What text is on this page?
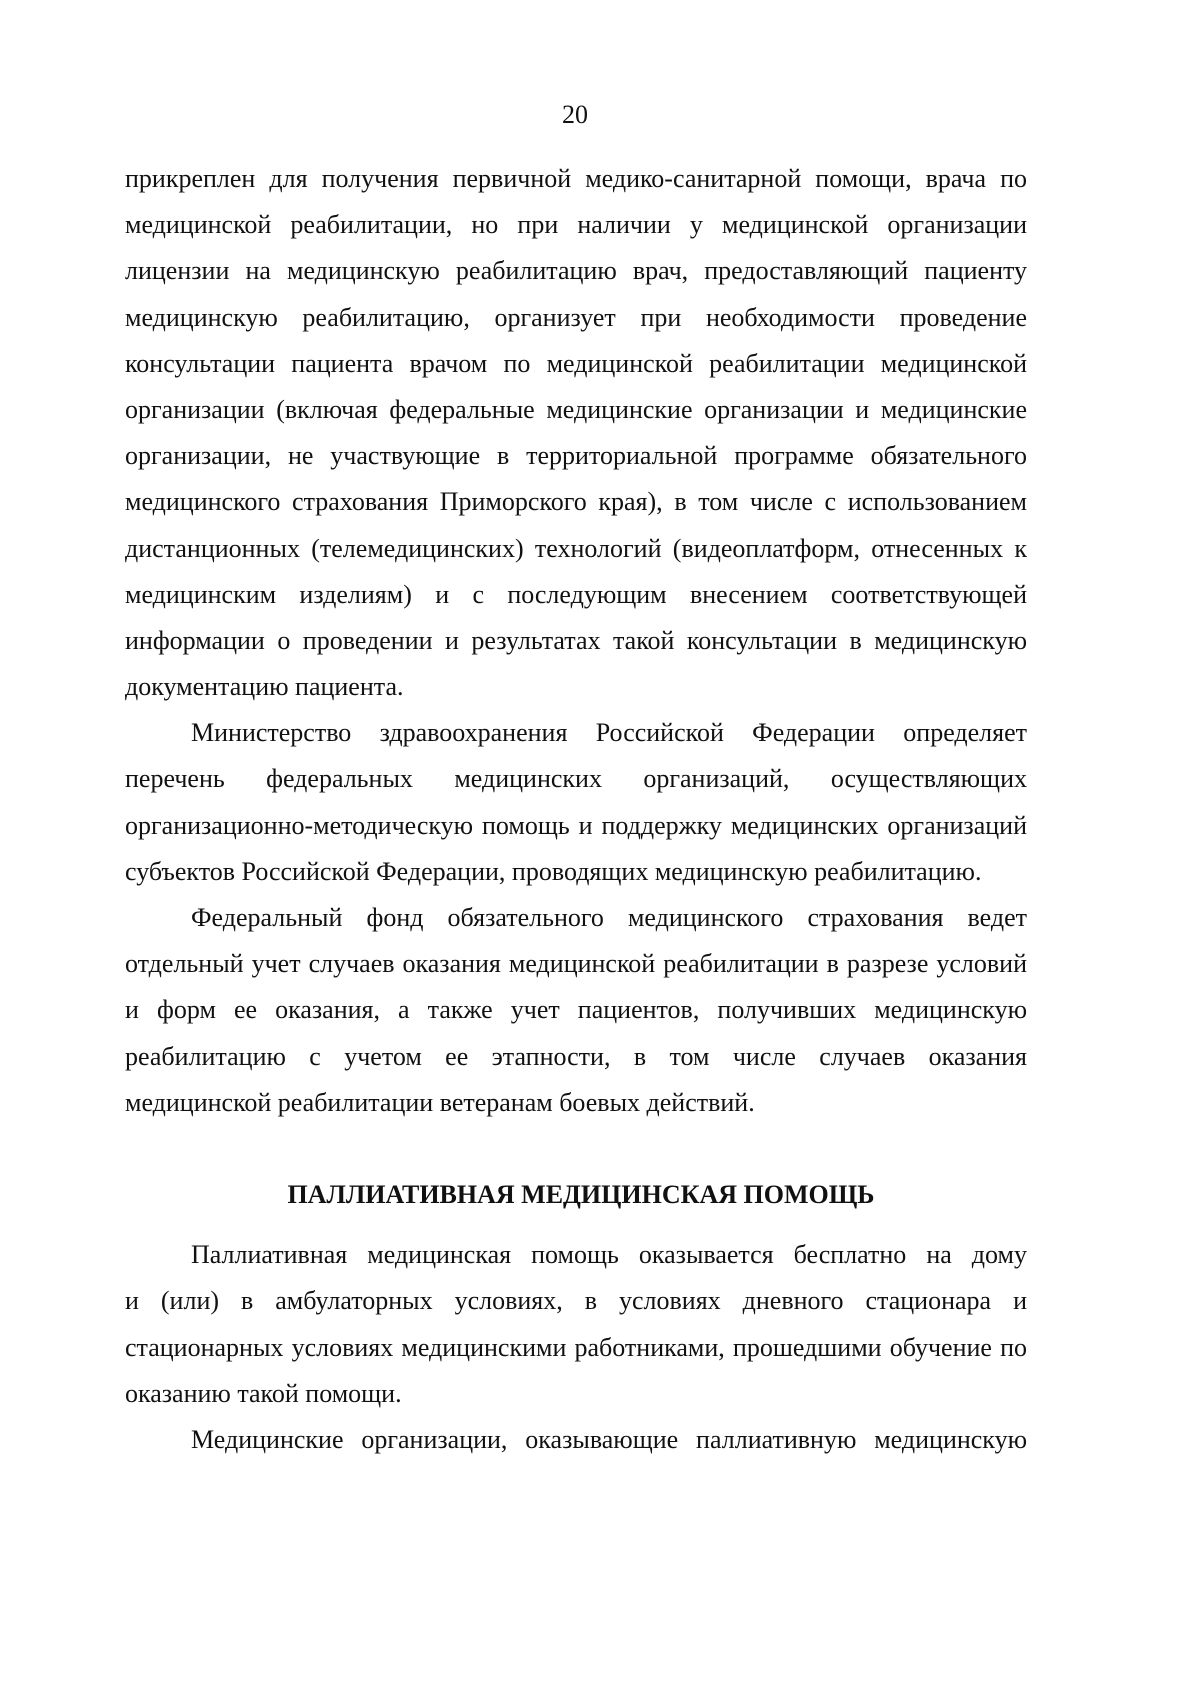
20
прикреплен для получения первичной медико-санитарной помощи, врача по
медицинской реабилитации, но при наличии у медицинской организации
лицензии на медицинскую реабилитацию врач, предоставляющий пациенту
медицинскую реабилитацию, организует при необходимости проведение
консультации пациента врачом по медицинской реабилитации медицинской
организации (включая федеральные медицинские организации и медицинские
организации, не участвующие в территориальной программе обязательного
медицинского страхования Приморского края), в том числе с использованием
дистанционных (телемедицинских) технологий (видеоплатформ, отнесенных к
медицинским изделиям) и с последующим внесением соответствующей
информации о проведении и результатах такой консультации в медицинскую
документацию пациента.
Министерство здравоохранения Российской Федерации определяет
перечень федеральных медицинских организаций, осуществляющих
организационно-методическую помощь и поддержку медицинских организаций
субъектов Российской Федерации, проводящих медицинскую реабилитацию.
Федеральный фонд обязательного медицинского страхования ведет
отдельный учет случаев оказания медицинской реабилитации в разрезе условий
и форм ее оказания, а также учет пациентов, получивших медицинскую
реабилитацию с учетом ее этапности, в том числе случаев оказания
медицинской реабилитации ветеранам боевых действий.
ПАЛЛИАТИВНАЯ МЕДИЦИНСКАЯ ПОМОЩЬ
Паллиативная медицинская помощь оказывается бесплатно на дому
и (или) в амбулаторных условиях, в условиях дневного стационара и
стационарных условиях медицинскими работниками, прошедшими обучение по
оказанию такой помощи.
Медицинские организации, оказывающие паллиативную медицинскую
